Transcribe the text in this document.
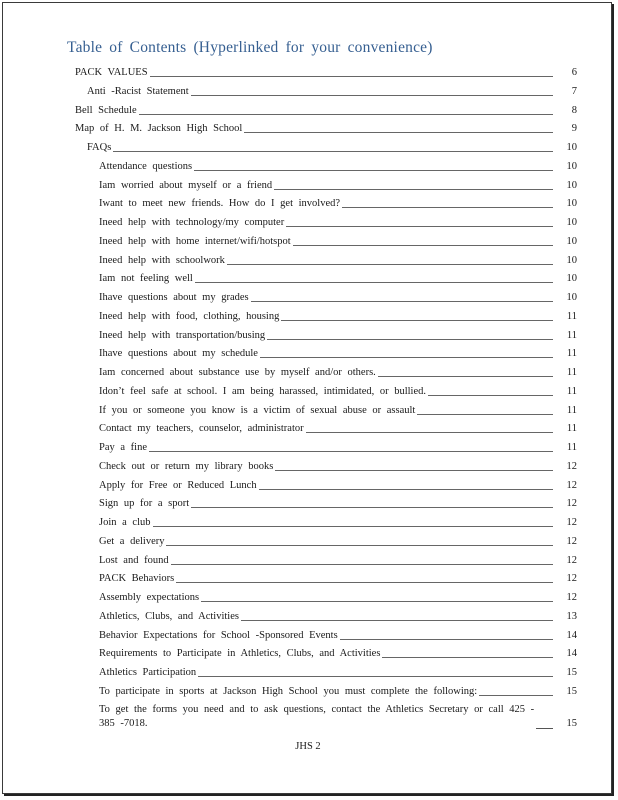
Table of Contents (Hyperlinked for your convenience)
PACK VALUES	6
Anti -Racist Statement	7
Bell Schedule	8
Map of H. M. Jackson High School	9
FAQs	10
Attendance questions	10
Iam worried about myself or a friend	10
Iwant to meet new friends. How do I get involved?	10
Ineed help with technology/my computer	10
Ineed help with home internet/wifi/hotspot	10
Ineed help with schoolwork	10
Iam not feeling well	10
Ihave questions about my grades	10
Ineed help with food, clothing, housing	11
Ineed help with transportation/busing	11
Ihave questions about my schedule	11
Iam concerned about substance use by myself and/or others.	11
Idon’t feel safe at school. I am being harassed, intimidated, or bullied.	11
If you or someone you know is a victim of sexual abuse or assault	11
Contact my teachers, counselor, administrator	11
Pay a fine	11
Check out or return my library books	12
Apply for Free or Reduced Lunch	12
Sign up for a sport	12
Join a club	12
Get a delivery	12
Lost and found	12
PACK Behaviors	12
Assembly expectations	12
Athletics, Clubs, and Activities	13
Behavior Expectations for School -Sponsored Events	14
Requirements to Participate in Athletics, Clubs, and Activities	14
Athletics Participation	15
To participate in sports at Jackson High School you must complete the following:	15
To get the forms you need and to ask questions, contact the Athletics Secretary or call 425 -
385 -7018.	15
JHS 2
